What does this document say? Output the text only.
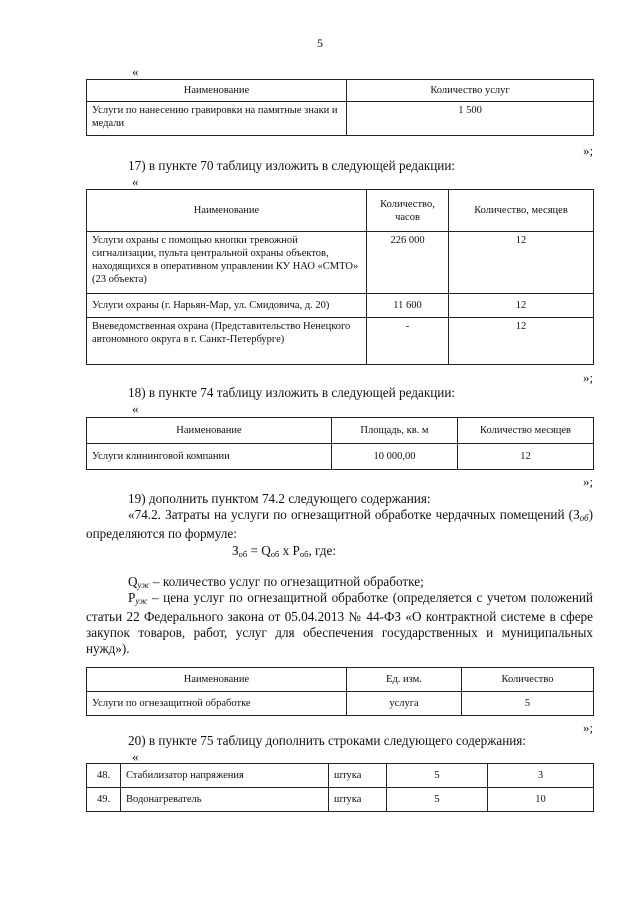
5
«
Наименование	Количество услуг
Услуги по нанесению гравировки на памятные знаки и медали	1 500
»;
17) в пункте 70 таблицу изложить в следующей редакции:
«
Наименование	Количество, часов	Количество, месяцев
Услуги охраны с помощью кнопки тревожной сигнализации, пульта центральной охраны объектов, находящихся в оперативном управлении КУ НАО «СМТО» (23 объекта)	226 000	12
Услуги охраны (г. Нарьян-Мар, ул. Смидовича, д. 20)	11 600	12
Вневедомственная охрана (Представительство Ненецкого автономного округа в г. Санкт-Петербурге)	-	12
»;
18) в пункте 74 таблицу изложить в следующей редакции:
«
Наименование	Площадь, кв. м	Количество месяцев
Услуги клининговой компании	10 000,00	12
»;
19) дополнить пунктом 74.2 следующего содержания:
«74.2. Затраты на услуги по огнезащитной обработке чердачных помещений $(З_{об})$ определяются по формуле:
Зоб = Qоб х Pоб, где:
$Q_{уж}$ – количество услуг по огнезащитной обработке;
$P_{уж}$ – цена услуг по огнезащитной обработке (определяется с учетом положений статьи 22 Федерального закона от 05.04.2013 № 44-ФЗ «О контрактной системе в сфере закупок товаров, работ, услуг для обеспечения государственных и муниципальных нужд»).
Наименование	Ед. изм.	Количество
Услуги по огнезащитной обработке	услуга	5
»;
20) в пункте 75 таблицу дополнить строками следующего содержания:
«
48.	Стабилизатор напряжения	штука	5	3
49.	Водонагреватель	штука	5	10
